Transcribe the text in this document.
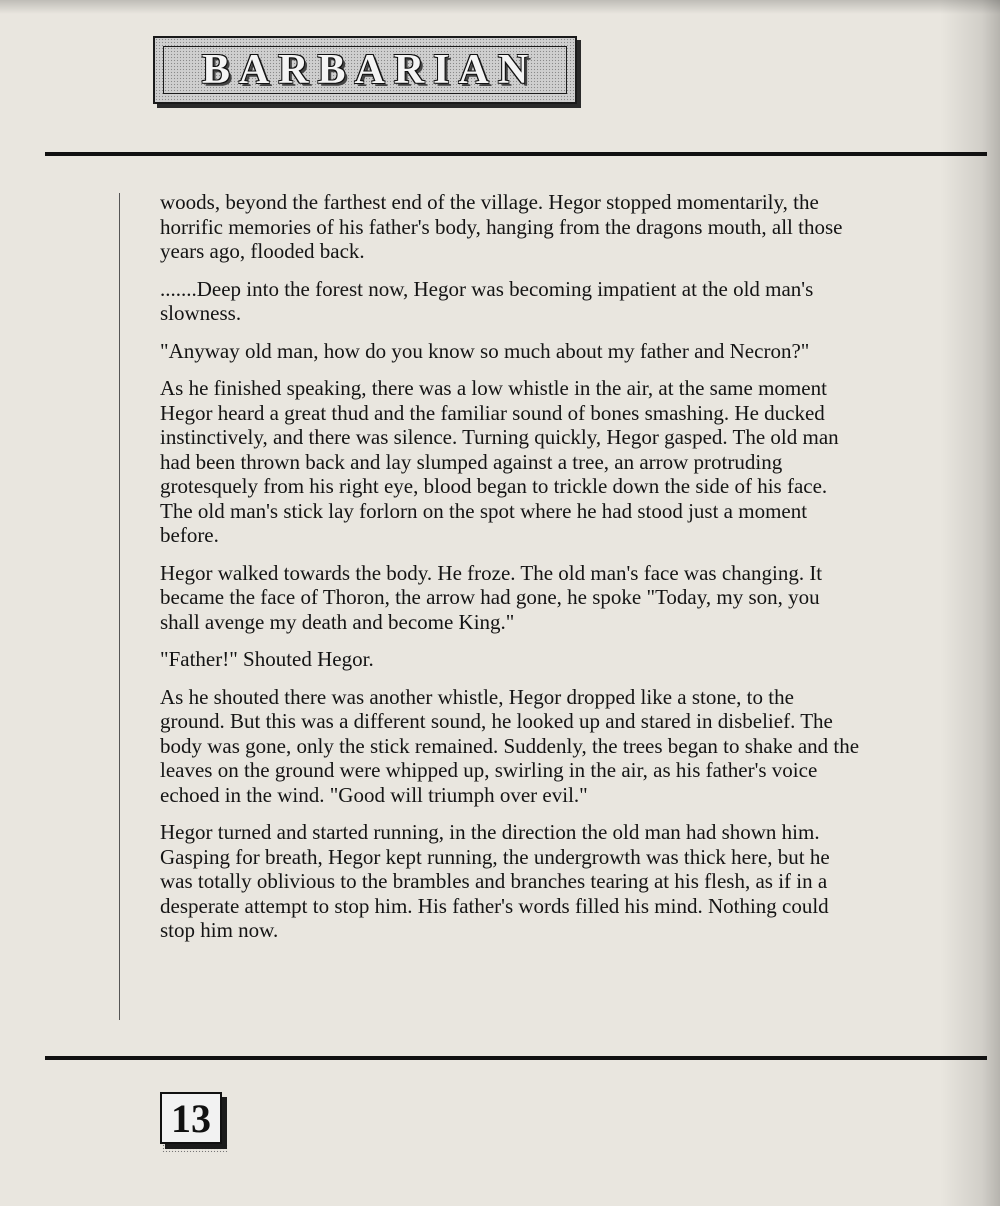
BARBARIAN

woods, beyond the farthest end of the village. Hegor stopped momentarily, the horrific memories of his father's body, hanging from the dragons mouth, all those years ago, flooded back.

.......Deep into the forest now, Hegor was becoming impatient at the old man's slowness.

"Anyway old man, how do you know so much about my father and Necron?"

As he finished speaking, there was a low whistle in the air, at the same moment Hegor heard a great thud and the familiar sound of bones smashing. He ducked instinctively, and there was silence. Turning quickly, Hegor gasped. The old man had been thrown back and lay slumped against a tree, an arrow protruding grotesquely from his right eye, blood began to trickle down the side of his face. The old man's stick lay forlorn on the spot where he had stood just a moment before.

Hegor walked towards the body. He froze. The old man's face was changing. It became the face of Thoron, the arrow had gone, he spoke "Today, my son, you shall avenge my death and become King."

"Father!" Shouted Hegor.

As he shouted there was another whistle, Hegor dropped like a stone, to the ground. But this was a different sound, he looked up and stared in disbelief. The body was gone, only the stick remained. Suddenly, the trees began to shake and the leaves on the ground were whipped up, swirling in the air, as his father's voice echoed in the wind. "Good will triumph over evil."

Hegor turned and started running, in the direction the old man had shown him. Gasping for breath, Hegor kept running, the undergrowth was thick here, but he was totally oblivious to the brambles and branches tearing at his flesh, as if in a desperate attempt to stop him. His father's words filled his mind. Nothing could stop him now.

13
